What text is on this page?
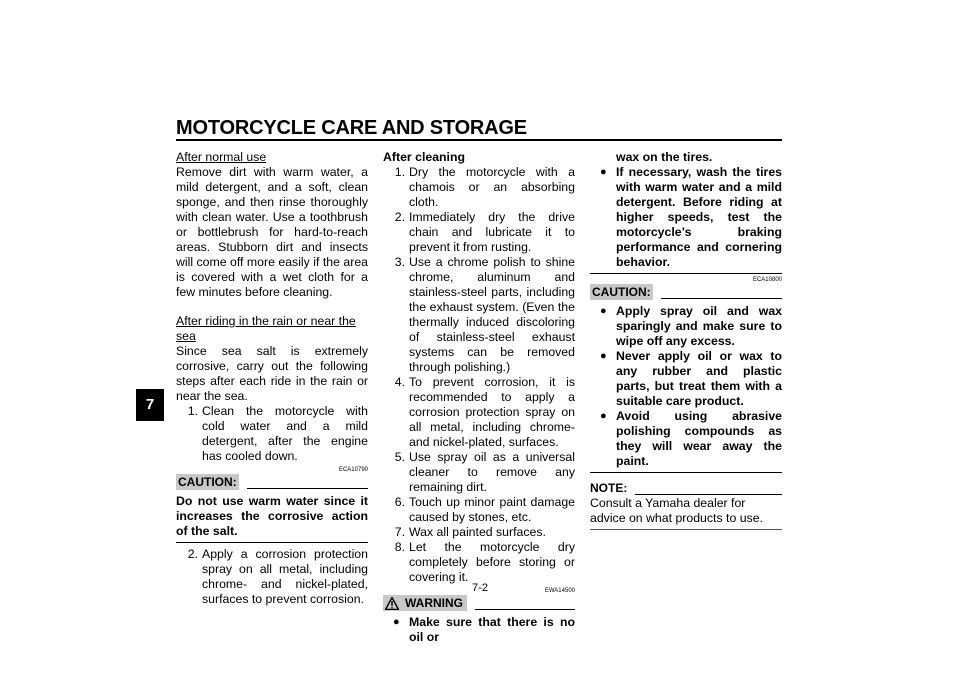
MOTORCYCLE CARE AND STORAGE
7
7-2
After normal use
Remove dirt with warm water, a mild detergent, and a soft, clean sponge, and then rinse thoroughly with clean water. Use a toothbrush or bottlebrush for hard-to-reach areas. Stubborn dirt and insects will come off more easily if the area is covered with a wet cloth for a few minutes before cleaning.
After riding in the rain or near the sea
Since sea salt is extremely corrosive, carry out the following steps after each ride in the rain or near the sea.
1. Clean the motorcycle with cold water and a mild detergent, after the engine has cooled down.
ECA10790
CAUTION:
Do not use warm water since it increases the corrosive action of the salt.
2. Apply a corrosion protection spray on all metal, including chrome- and nickel-plated, surfaces to prevent corrosion.
After cleaning
1. Dry the motorcycle with a chamois or an absorbing cloth.
2. Immediately dry the drive chain and lubricate it to prevent it from rusting.
3. Use a chrome polish to shine chrome, aluminum and stainless-steel parts, including the exhaust system. (Even the thermally induced discoloring of stainless-steel exhaust systems can be removed through polishing.)
4. To prevent corrosion, it is recommended to apply a corrosion protection spray on all metal, including chrome- and nickel-plated, surfaces.
5. Use spray oil as a universal cleaner to remove any remaining dirt.
6. Touch up minor paint damage caused by stones, etc.
7. Wax all painted surfaces.
8. Let the motorcycle dry completely before storing or covering it.
EWA14500
WARNING
● Make sure that there is no oil or
wax on the tires.
● If necessary, wash the tires with warm water and a mild detergent. Before riding at higher speeds, test the motorcycle’s braking performance and cornering behavior.
ECA10800
CAUTION:
● Apply spray oil and wax sparingly and make sure to wipe off any excess.
● Never apply oil or wax to any rubber and plastic parts, but treat them with a suitable care product.
● Avoid using abrasive polishing compounds as they will wear away the paint.
NOTE:
Consult a Yamaha dealer for advice on what products to use.
